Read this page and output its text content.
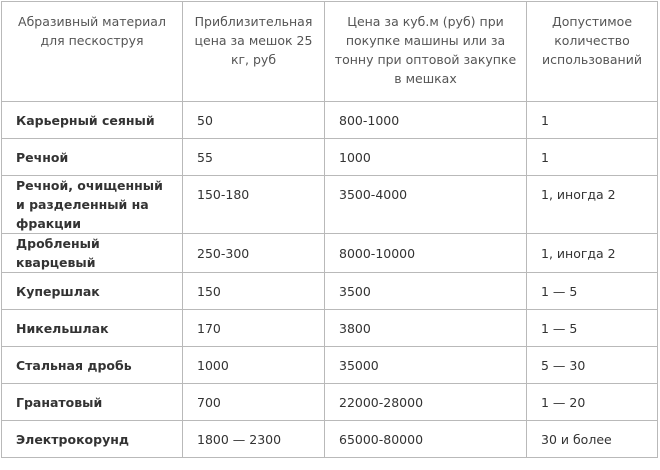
Абразивный материал для пескоструя	Приблизительная цена за мешок 25 кг, руб	Цена за куб.м (руб) при покупке машины или за тонну при оптовой закупке в мешках	Допустимое количество использований
Карьерный сеяный	50	800-1000	1
Речной	55	1000	1
Речной, очищенный и разделенный на фракции	150-180	3500-4000	1, иногда 2
Дробленый кварцевый	250-300	8000-10000	1, иногда 2
Купершлак	150	3500	1 — 5
Никельшлак	170	3800	1 — 5
Стальная дробь	1000	35000	5 — 30
Гранатовый	700	22000-28000	1 — 20
Электрокорунд	1800 — 2300	65000-80000	30 и более
